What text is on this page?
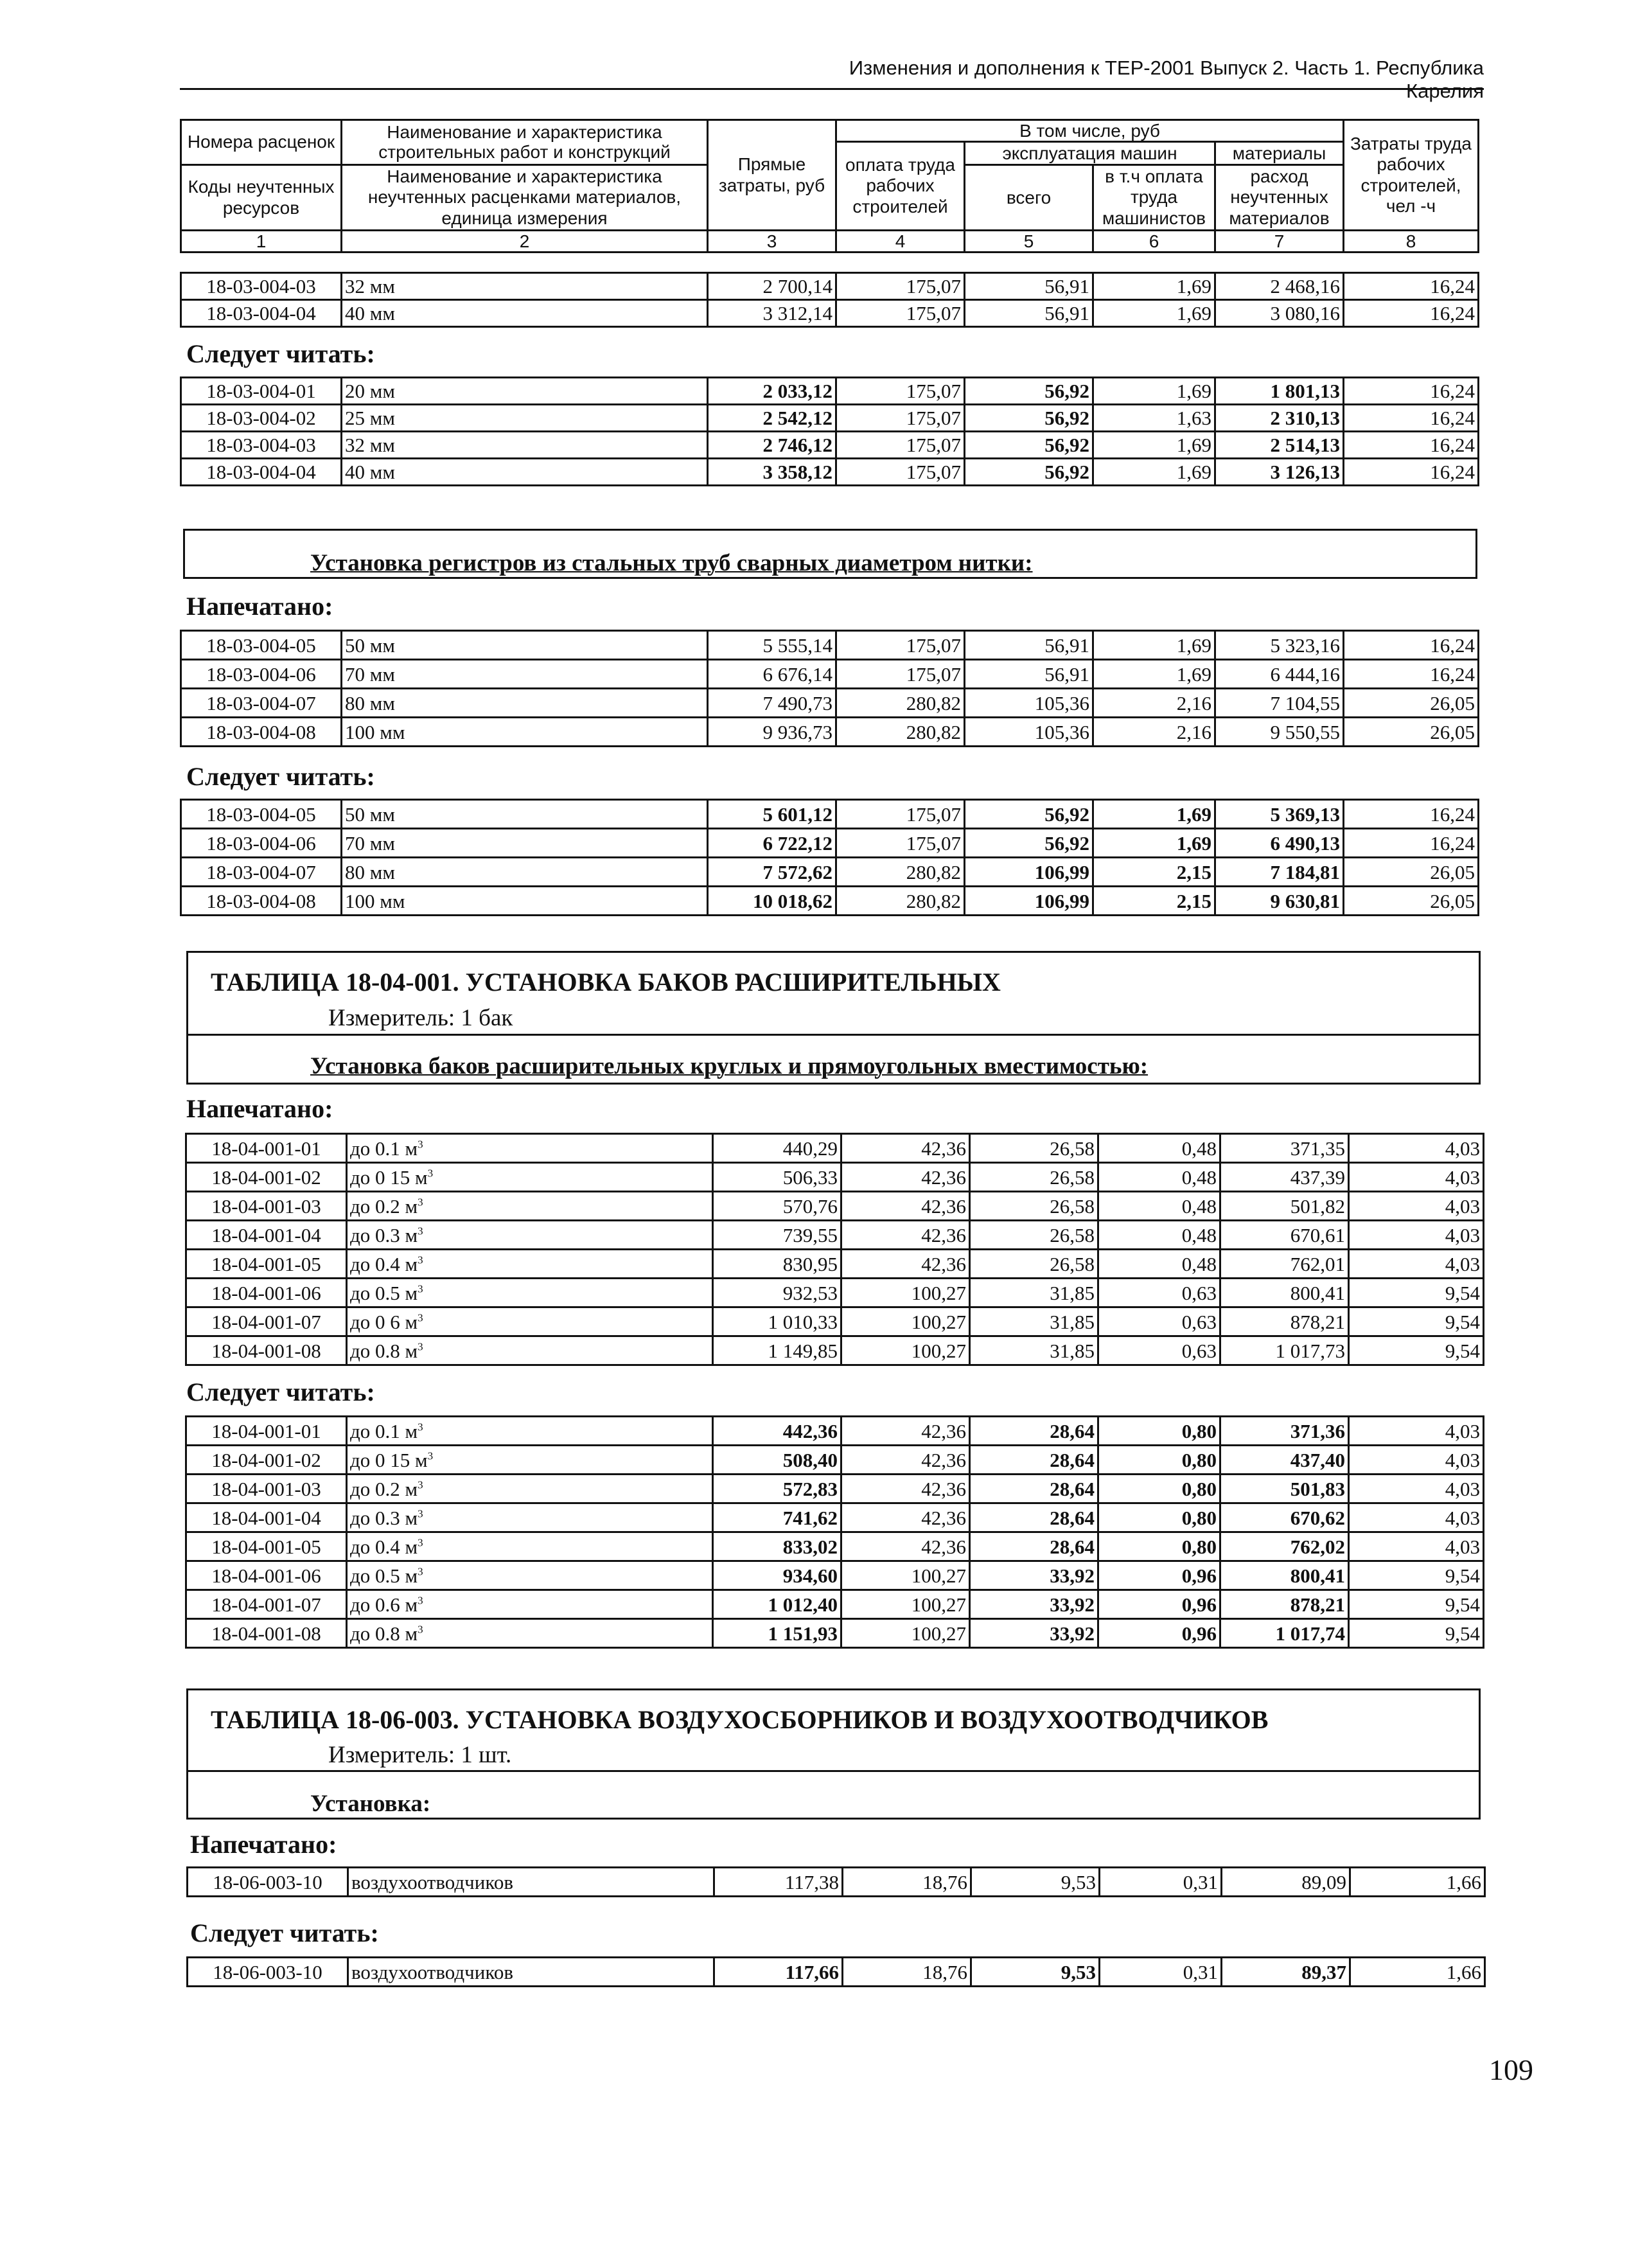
Изменения и дополнения к ТЕР-2001 Выпуск 2. Часть 1. Республика Карелия
Номера расценок	Наименование и характеристика строительных работ и конструкций	Прямые затраты, руб	В том числе, руб				Затраты труда рабочих строителей, чел -ч
			оплата труда рабочих строителей	эксплуатация машин		материалы	
Коды неучтенных ресурсов	Наименование и характеристика неучтенных расценками материалов, единица измерения			всего	в т.ч оплата труда машинистов	расход неучтенных материалов	

1	2	3	4	5	6	7	8
18-03-004-03	32 мм	2 700,14	175,07	56,91	1,69	2 468,16	16,24
18-03-004-04	40 мм	3 312,14	175,07	56,91	1,69	3 080,16	16,24
Следует читать:
18-03-004-01	20 мм	2 033,12	175,07	56,92	1,69	1 801,13	16,24
18-03-004-02	25 мм	2 542,12	175,07	56,92	1,63	2 310,13	16,24
18-03-004-03	32 мм	2 746,12	175,07	56,92	1,69	2 514,13	16,24
18-03-004-04	40 мм	3 358,12	175,07	56,92	1,69	3 126,13	16,24
Установка регистров из стальных труб сварных диаметром нитки:
Напечатано:
18-03-004-05	50 мм	5 555,14	175,07	56,91	1,69	5 323,16	16,24
18-03-004-06	70 мм	6 676,14	175,07	56,91	1,69	6 444,16	16,24
18-03-004-07	80 мм	7 490,73	280,82	105,36	2,16	7 104,55	26,05
18-03-004-08	100 мм	9 936,73	280,82	105,36	2,16	9 550,55	26,05
Следует читать:
18-03-004-05	50 мм	5 601,12	175,07	56,92	1,69	5 369,13	16,24
18-03-004-06	70 мм	6 722,12	175,07	56,92	1,69	6 490,13	16,24
18-03-004-07	80 мм	7 572,62	280,82	106,99	2,15	7 184,81	26,05
18-03-004-08	100 мм	10 018,62	280,82	106,99	2,15	9 630,81	26,05
ТАБЛИЦА 18-04-001. УСТАНОВКА БАКОВ РАСШИРИТЕЛЬНЫХ
Измеритель: 1 бак
Установка баков расширительных круглых и прямоугольных вместимостью:
Напечатано:
18-04-001-01	до 0.1 $м^3$	440,29	42,36	26,58	0,48	371,35	4,03
18-04-001-02	до 0 15 $м^3$	506,33	42,36	26,58	0,48	437,39	4,03
18-04-001-03	до 0.2 $м^3$	570,76	42,36	26,58	0,48	501,82	4,03
18-04-001-04	до 0.3 $м^3$	739,55	42,36	26,58	0,48	670,61	4,03
18-04-001-05	до 0.4 $м^3$	830,95	42,36	26,58	0,48	762,01	4,03
18-04-001-06	до 0.5 $м^3$	932,53	100,27	31,85	0,63	800,41	9,54
18-04-001-07	до 0 6 $м^3$	1 010,33	100,27	31,85	0,63	878,21	9,54
18-04-001-08	до 0.8 $м^3$	1 149,85	100,27	31,85	0,63	1 017,73	9,54
Следует читать:
18-04-001-01	до 0.1 $м^3$	442,36	42,36	28,64	0,80	371,36	4,03
18-04-001-02	до 0 15 $м^3$	508,40	42,36	28,64	0,80	437,40	4,03
18-04-001-03	до 0.2 $м^3$	572,83	42,36	28,64	0,80	501,83	4,03
18-04-001-04	до 0.3 $м^3$	741,62	42,36	28,64	0,80	670,62	4,03
18-04-001-05	до 0.4 $м^3$	833,02	42,36	28,64	0,80	762,02	4,03
18-04-001-06	до 0.5 $м^3$	934,60	100,27	33,92	0,96	800,41	9,54
18-04-001-07	до 0.6 $м^3$	1 012,40	100,27	33,92	0,96	878,21	9,54
18-04-001-08	до 0.8 $м^3$	1 151,93	100,27	33,92	0,96	1 017,74	9,54
ТАБЛИЦА 18-06-003. УСТАНОВКА ВОЗДУХОСБОРНИКОВ И ВОЗДУХООТВОДЧИКОВ
Измеритель: 1 шт.
Установка:
Напечатано:
18-06-003-10	воздухоотводчиков	117,38	18,76	9,53	0,31	89,09	1,66
Следует читать:
18-06-003-10	воздухоотводчиков	117,66	18,76	9,53	0,31	89,37	1,66
109
